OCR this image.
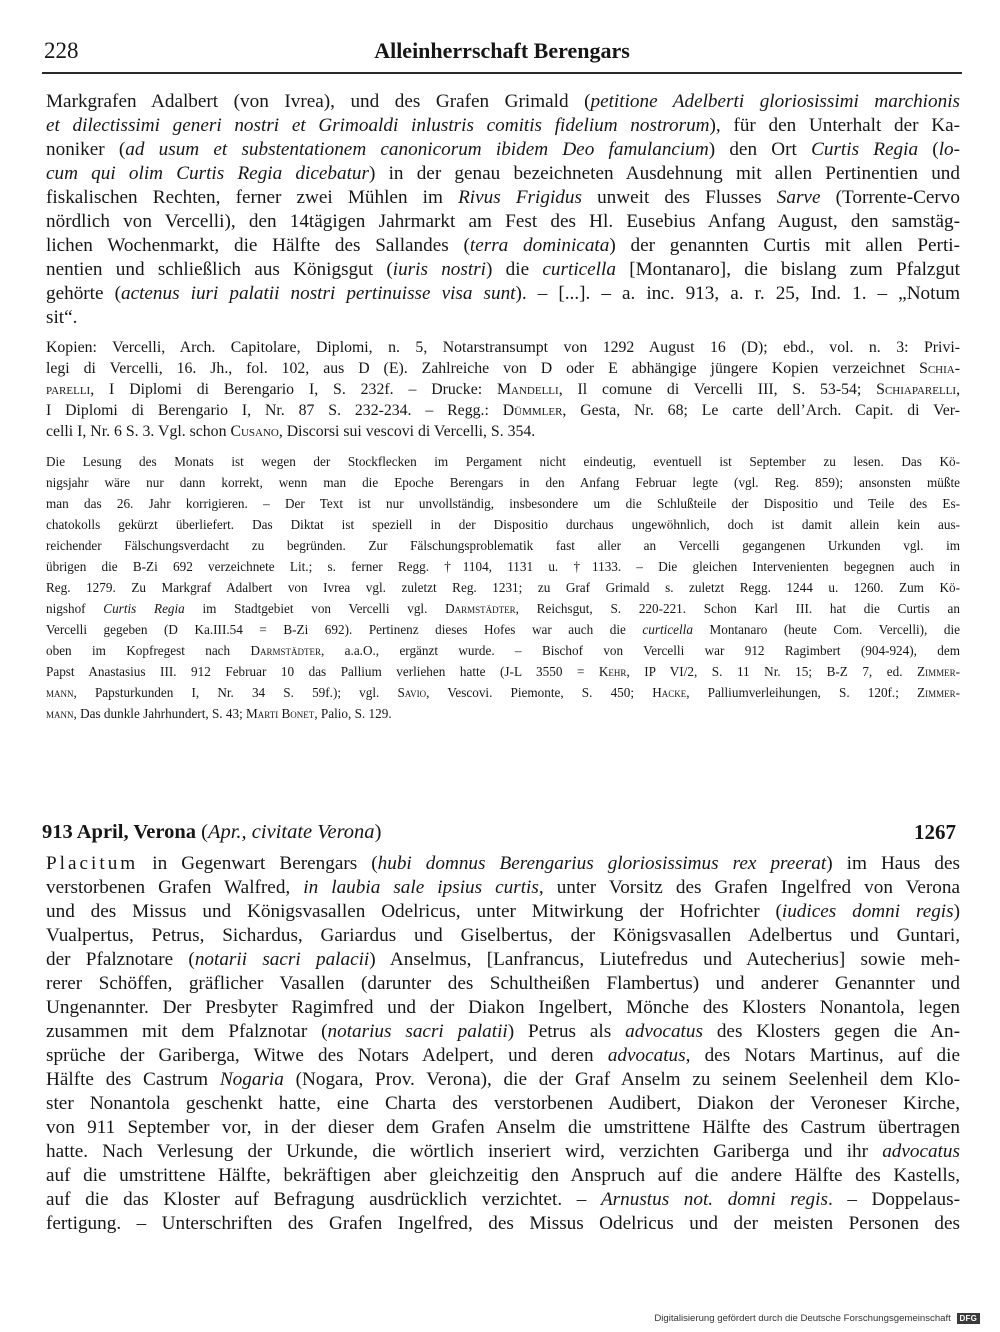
228	Alleinherrschaft Berengars
Markgrafen Adalbert (von Ivrea), und des Grafen Grimald (petitione Adelberti gloriosissimi marchionis
et dilectissimi generi nostri et Grimoaldi inlustris comitis fidelium nostrorum), für den Unterhalt der Ka-
noniker (ad usum et substentationem canonicorum ibidem Deo famulancium) den Ort Curtis Regia (lo-
cum qui olim Curtis Regia dicebatur) in der genau bezeichneten Ausdehnung mit allen Pertinentien und
fiskalischen Rechten, ferner zwei Mühlen im Rivus Frigidus unweit des Flusses Sarve (Torrente-Cervo
nördlich von Vercelli), den 14tägigen Jahrmarkt am Fest des Hl. Eusebius Anfang August, den samstäg-
lichen Wochenmarkt, die Hälfte des Sallandes (terra dominicata) der genannten Curtis mit allen Perti-
nentien und schließlich aus Königsgut (iuris nostri) die curticella [Montanaro], die bislang zum Pfalzgut
gehörte (actenus iuri palatii nostri pertinuisse visa sunt). – [...]. – a. inc. 913, a. r. 25, Ind. 1. – „Notum
sit“.
Kopien: Vercelli, Arch. Capitolare, Diplomi, n. 5, Notarstransumpt von 1292 August 16 (D); ebd., vol. n. 3: Privi-
legi di Vercelli, 16. Jh., fol. 102, aus D (E). Zahlreiche von D oder E abhängige jüngere Kopien verzeichnet Schia-
parelli, I Diplomi di Berengario I, S. 232f. – Drucke: Mandelli, Il comune di Vercelli III, S. 53-54; Schiaparelli,
I Diplomi di Berengario I, Nr. 87 S. 232-234. – Regg.: Dümmler, Gesta, Nr. 68; Le carte dell’Arch. Capit. di Ver-
celli I, Nr. 6 S. 3. Vgl. schon Cusano, Discorsi sui vescovi di Vercelli, S. 354.
Die Lesung des Monats ist wegen der Stockflecken im Pergament nicht eindeutig, eventuell ist September zu lesen. Das Kö-
nigsjahr wäre nur dann korrekt, wenn man die Epoche Berengars in den Anfang Februar legte (vgl. Reg. 859); ansonsten müßte
man das 26. Jahr korrigieren. – Der Text ist nur unvollständig, insbesondere um die Schlußteile der Dispositio und Teile des Es-
chatokolls gekürzt überliefert. Das Diktat ist speziell in der Dispositio durchaus ungewöhnlich, doch ist damit allein kein aus-
reichender Fälschungsverdacht zu begründen. Zur Fälschungsproblematik fast aller an Vercelli gegangenen Urkunden vgl. im
übrigen die B-Zi 692 verzeichnete Lit.; s. ferner Regg. †1104, 1131 u. †1133. – Die gleichen Intervenienten begegnen auch in
Reg. 1279. Zu Markgraf Adalbert von Ivrea vgl. zuletzt Reg. 1231; zu Graf Grimald s. zuletzt Regg. 1244 u. 1260. Zum Kö-
nigshof Curtis Regia im Stadtgebiet von Vercelli vgl. Darmstädter, Reichsgut, S. 220-221. Schon Karl III. hat die Curtis an
Vercelli gegeben (D Ka.III.54 = B-Zi 692). Pertinenz dieses Hofes war auch die curticella Montanaro (heute Com. Vercelli), die
oben im Kopfregest nach Darmstädter, a.a.O., ergänzt wurde. – Bischof von Vercelli war 912 Ragimbert (904-924), dem
Papst Anastasius III. 912 Februar 10 das Pallium verliehen hatte (J-L 3550 = Kehr, IP VI/2, S. 11 Nr. 15; B-Z 7, ed. Zimmer-
mann, Papsturkunden I, Nr. 34 S. 59f.); vgl. Savio, Vescovi. Piemonte, S. 450; Hacke, Palliumverleihungen, S. 120f.; Zimmer-
mann, Das dunkle Jahrhundert, S. 43; Marti Bonet, Palio, S. 129.
913 April, Verona (Apr., civitate Verona)	1267
Placitum in Gegenwart Berengars (hubi domnus Berengarius gloriosissimus rex preerat) im Haus des
verstorbenen Grafen Walfred, in laubia sale ipsius curtis, unter Vorsitz des Grafen Ingelfred von Verona
und des Missus und Königsvasallen Odelricus, unter Mitwirkung der Hofrichter (iudices domni regis)
Vualpertus, Petrus, Sichardus, Gariardus und Giselbertus, der Königsvasallen Adelbertus und Guntari,
der Pfalznotare (notarii sacri palacii) Anselmus, [Lanfrancus, Liutefredus und Autecherius] sowie meh-
rerer Schöffen, gräflicher Vasallen (darunter des Schultheißen Flambertus) und anderer Genannter und
Ungenannter. Der Presbyter Ragimfred und der Diakon Ingelbert, Mönche des Klosters Nonantola, legen
zusammen mit dem Pfalznotar (notarius sacri palatii) Petrus als advocatus des Klosters gegen die An-
sprüche der Gariberga, Witwe des Notars Adelpert, und deren advocatus, des Notars Martinus, auf die
Hälfte des Castrum Nogaria (Nogara, Prov. Verona), die der Graf Anselm zu seinem Seelenheil dem Klo-
ster Nonantola geschenkt hatte, eine Charta des verstorbenen Audibert, Diakon der Veroneser Kirche,
von 911 September vor, in der dieser dem Grafen Anselm die umstrittene Hälfte des Castrum übertragen
hatte. Nach Verlesung der Urkunde, die wörtlich inseriert wird, verzichten Gariberga und ihr advocatus
auf die umstrittene Hälfte, bekräftigen aber gleichzeitig den Anspruch auf die andere Hälfte des Kastells,
auf die das Kloster auf Befragung ausdrücklich verzichtet. – Arnustus not. domni regis. – Doppelaus-
fertigung. – Unterschriften des Grafen Ingelfred, des Missus Odelricus und der meisten Personen des
Digitalisierung gefördert durch die Deutsche Forschungsgemeinschaft DFG
